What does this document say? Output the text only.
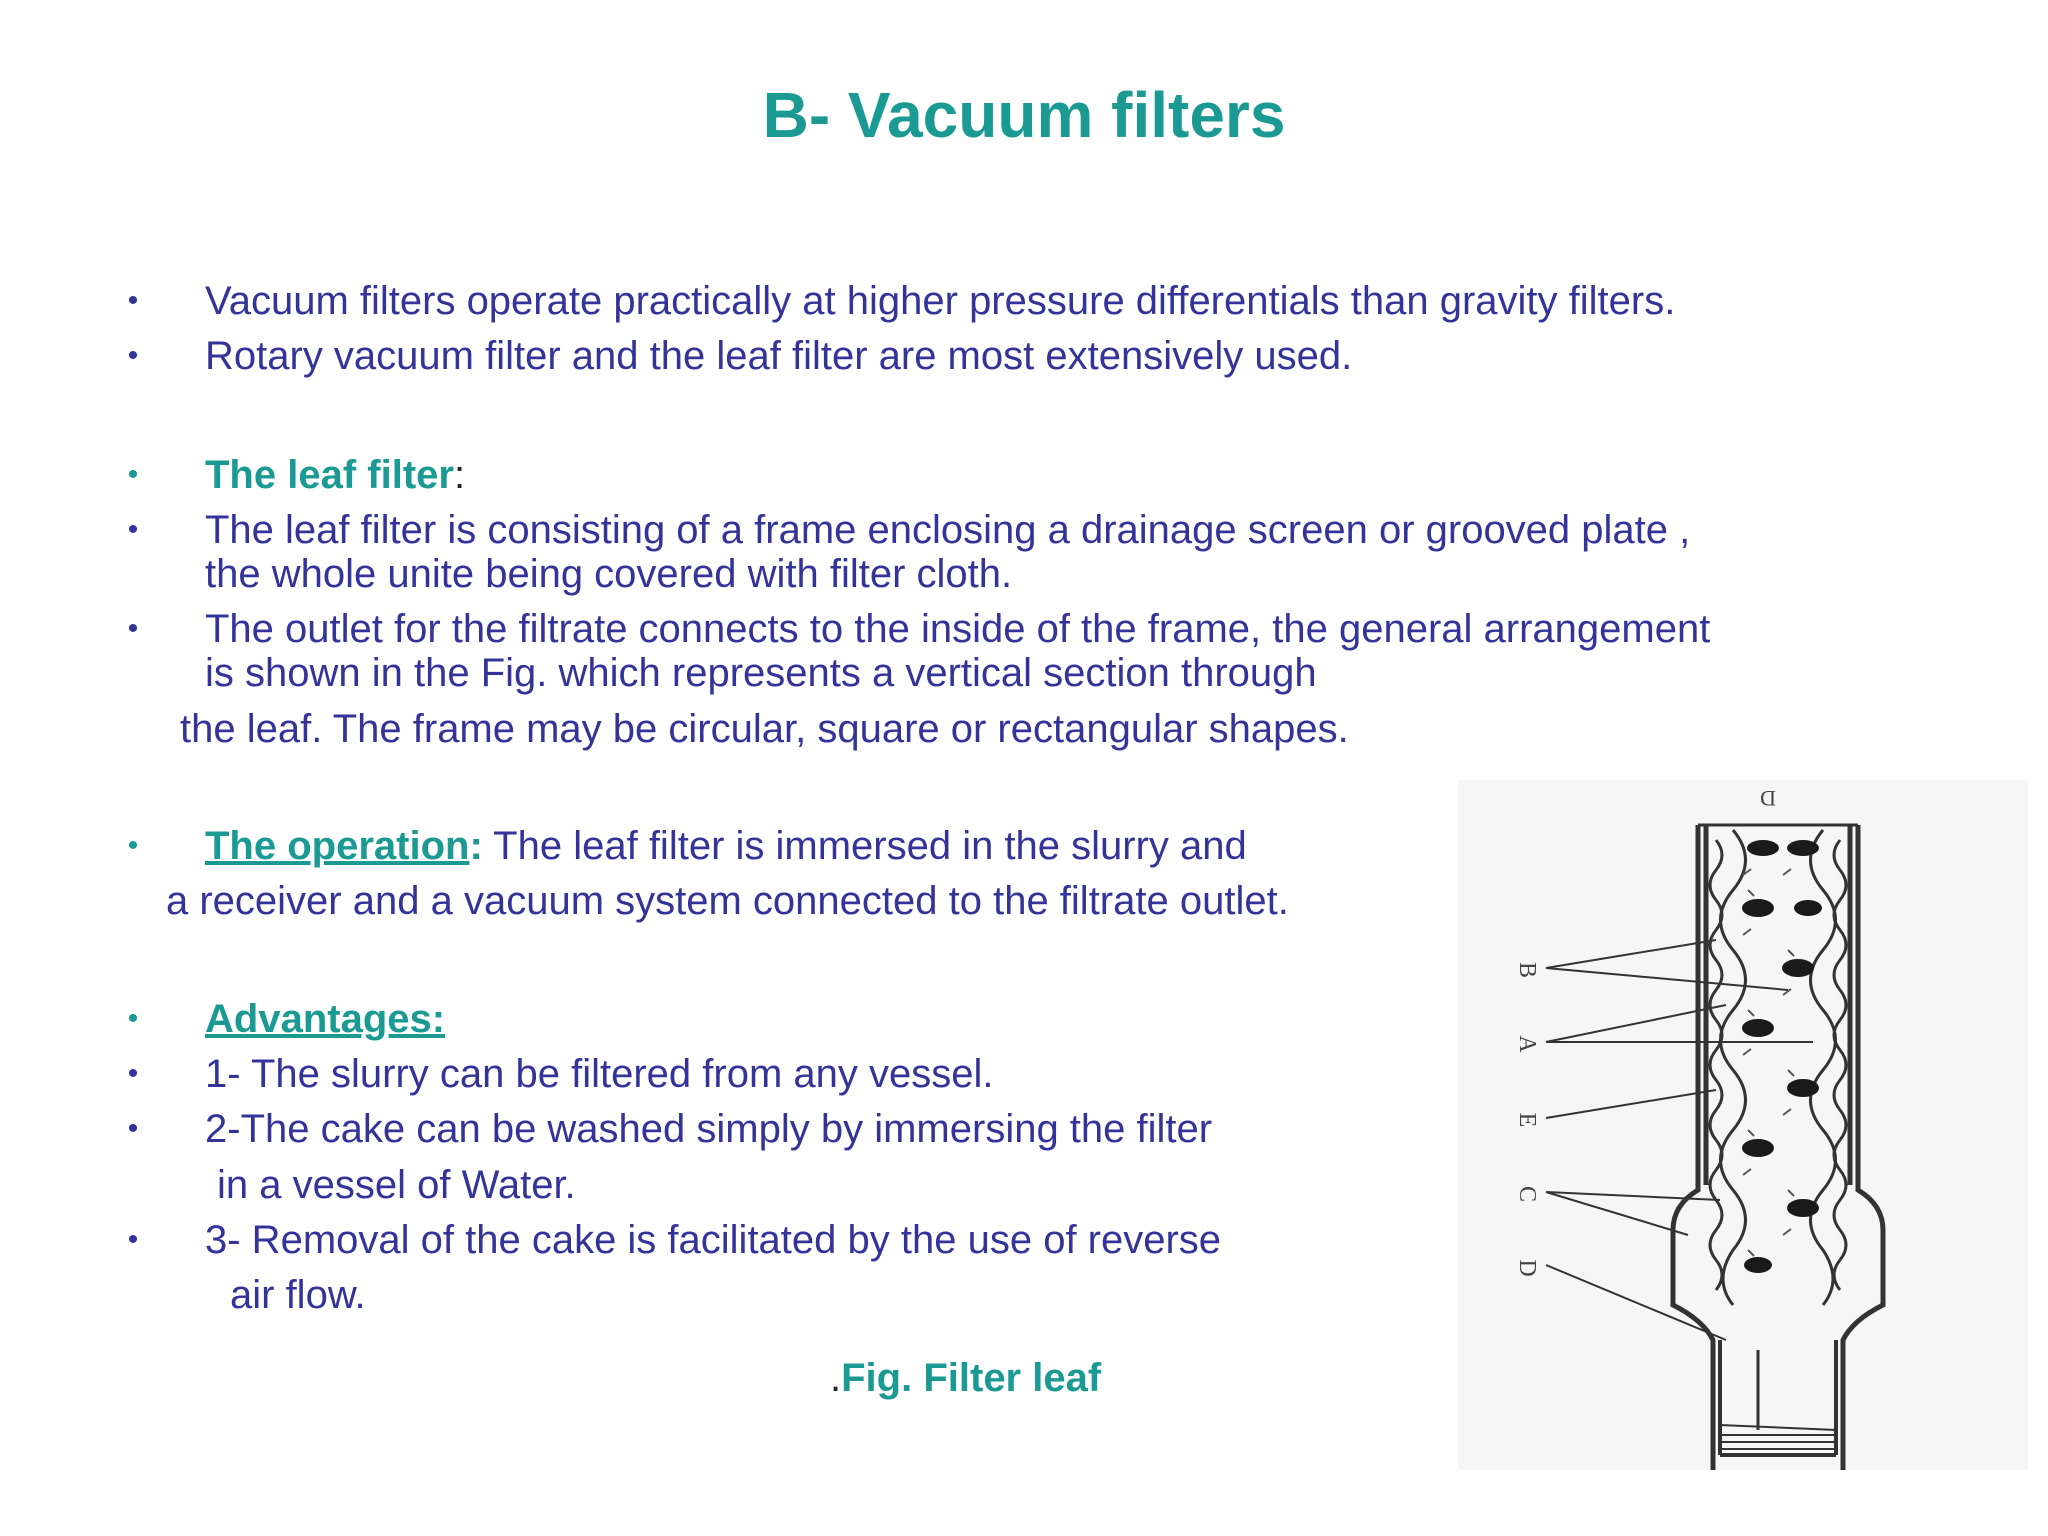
B- Vacuum filters
• Vacuum filters operate practically at higher pressure differentials than gravity filters.

• Rotary vacuum filter and the leaf filter are most extensively used.

• The leaf filter:

• The leaf filter is consisting of a frame enclosing a drainage screen or grooved plate ,

the whole unite being covered with filter cloth.

• The outlet for the filtrate connects to the inside of the frame, the general arrangement

is shown in the Fig. which represents a vertical section through

the leaf. The frame may be circular, square or rectangular shapes.

• The operation: The leaf filter is immersed in the slurry and

a receiver and a vacuum system connected to the filtrate outlet.

• Advantages:

• 1- The slurry can be filtered from any vessel.

• 2-The cake can be washed simply by immersing the filter

in a vessel of Water.

• 3- Removal of the cake is facilitated by the use of reverse

air flow.

.Fig. Filter leaf

D
B
A
E
C
D
